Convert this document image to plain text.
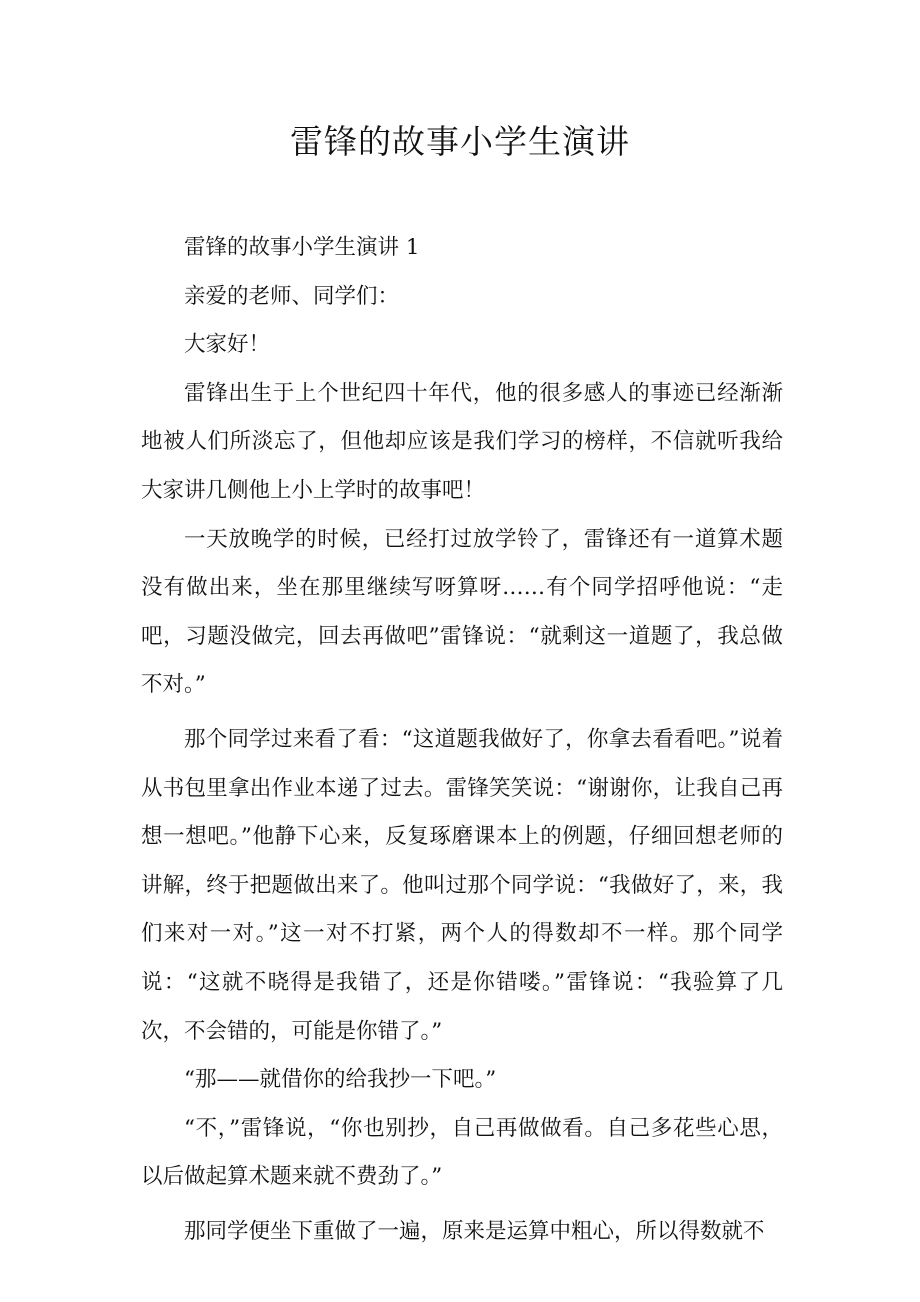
雷锋的故事小学生演讲

雷锋的故事小学生演讲 1

亲爱的老师、同学们：

大家好！

雷锋出生于上个世纪四十年代，他的很多感人的事迹已经渐渐地被人们所淡忘了，但他却应该是我们学习的榜样，不信就听我给大家讲几侧他上小上学时的故事吧！

一天放晚学的时候，已经打过放学铃了，雷锋还有一道算术题没有做出来，坐在那里继续写呀算呀……有个同学招呼他说：“走吧，习题没做完，回去再做吧”雷锋说：“就剩这一道题了，我总做不对。”

那个同学过来看了看：“这道题我做好了，你拿去看看吧。”说着从书包里拿出作业本递了过去。雷锋笑笑说：“谢谢你，让我自己再想一想吧。”他静下心来，反复琢磨课本上的例题，仔细回想老师的讲解，终于把题做出来了。他叫过那个同学说：“我做好了，来，我们来对一对。”这一对不打紧，两个人的得数却不一样。那个同学说：“这就不晓得是我错了，还是你错喽。”雷锋说：“我验算了几次，不会错的，可能是你错了。”

“那——就借你的给我抄一下吧。”

“不，”雷锋说，“你也别抄，自己再做做看。自己多花些心思，以后做起算术题来就不费劲了。”

那同学便坐下重做了一遍，原来是运算中粗心，所以得数就不
